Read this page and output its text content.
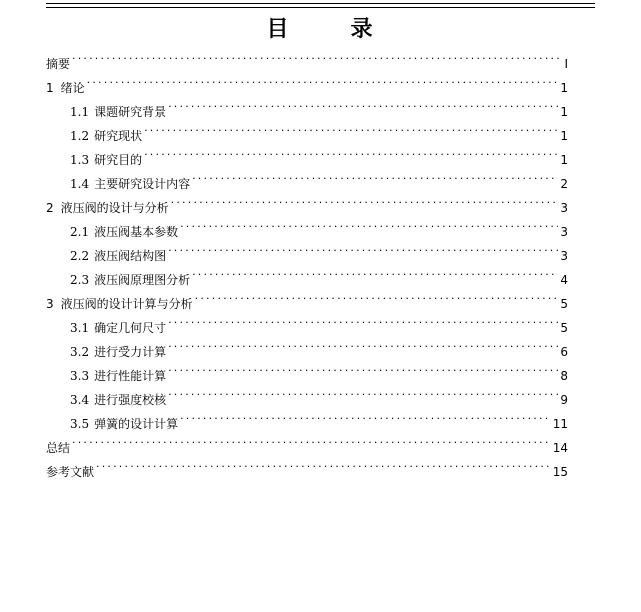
目	录
摘要 .....	I
1 绪论 .....	1
1.1 课题研究背景 .....	1
1.2 研究现状 .....	1
1.3 研究目的 .....	1
1.4 主要研究设计内容 .....	2
2 液压阀的设计与分析 .....	3
2.1 液压阀基本参数 .....	3
2.2 液压阀结构图 .....	3
2.3 液压阀原理图分析 .....	4
3 液压阀的设计计算与分析 .....	5
3.1 确定几何尺寸 .....	5
3.2 进行受力计算 .....	6
3.3 进行性能计算 .....	8
3.4 进行强度校核 .....	9
3.5 弹簧的设计计算 .....	11
总结 .....	14
参考文献 .....	15
